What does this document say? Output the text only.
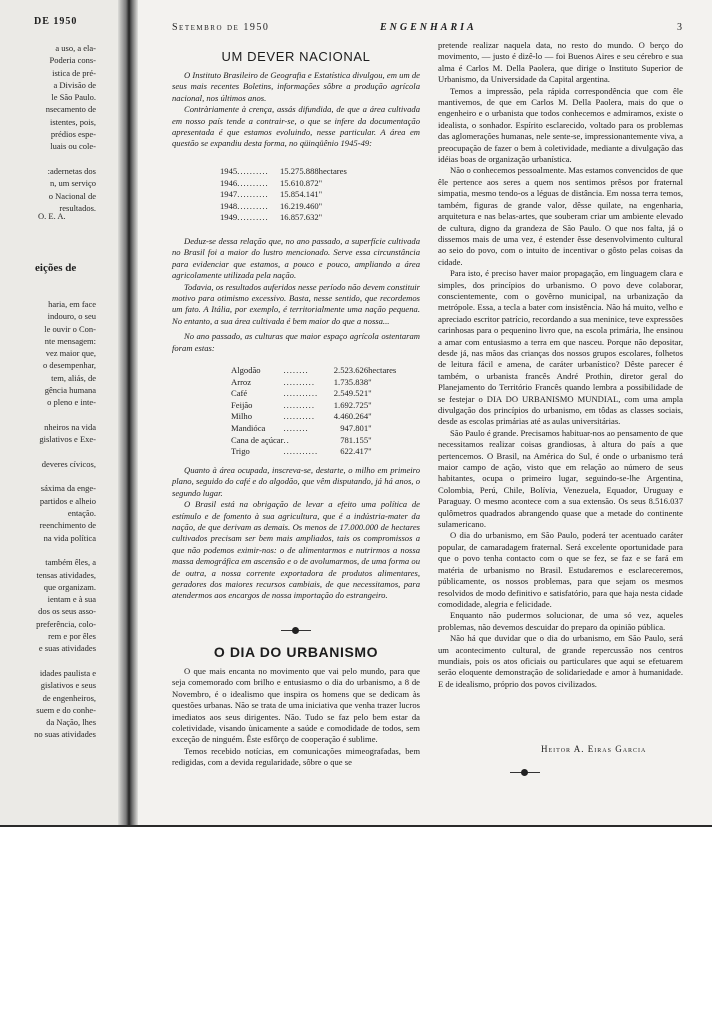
DE 1950
a uso, a ela-
Poderia cons-
istica de pré-
a Divisão de
le São Paulo.
nsecamento de
istentes, pois,
prédios espe-
luais ou cole-

:adernetas dos
n, um serviço
o Nacional de
resultados.
O. E. A.
eições de
haria, em face
indouro, o seu
le ouvir o Con-
nte mensagem:
vez maior que,
o desempenhar,
tem, aliás, de
gência humana
o pleno e inte-

nheiros na vida
gislativos e Exe-

deveres cívicos,

sáxima da enge-
partidos e alheio
entação.
reenchimento de
na vida política

também êles, a
tensas atividades,
que organizam.
ientam e à sua
dos os seus asso-
preferência, colo-
rem e por êles
e suas atividades

idades paulista e
gislativos e seus
de engenheiros,
suem e do conhe-
da Nação, lhes
no suas atividades
Setembro de 1950	ENGENHARIA	3
UM DEVER NACIONAL

O Instituto Brasileiro de Geografia e Estatística divulgou, em um de seus mais recentes Boletins, informações sôbre a produção agrícola nacional, nos últimos anos.

Contràriamente à crença, assás difundida, de que a área cultivada em nosso país tende a contrair-se, o que se infere da documentação apresentada é que estamos evoluindo, nesse particular. A área em questão se expandiu desta forma, no qüinqüênio 1945-49:

1945	..........	15.275.888	hectares
1946	..........	15.610.872	"
1947	..........	15.854.141	"
1948	..........	16.219.460	"
1949	..........	16.857.632	"

Deduz-se dessa relação que, no ano passado, a superfície cultivada no Brasil foi a maior do lustro mencionado. Serve essa circunstância para evidenciar que estamos, a pouco e pouco, ampliando a área agricolamente utilizada pela nação.

Todavia, os resultados auferidos nesse período não devem constituir motivo para otimismo excessivo. Basta, nesse sentido, que recordemos um fato. A Itália, por exemplo, é territorialmente uma nação pequena. No entanto, a sua área cultivada é bem maior do que a nossa...

No ano passado, as culturas que maior espaço agrícola ostentaram foram estas:

Algodão	........	2.523.626	hectares
Arroz	..........	1.735.838	"
Café	...........	2.549.521	"
Feijão	..........	1.692.725	"
Milho	..........	4.460.264	"
Mandióca	........	947.801	"
Cana de açúcar	..	781.155	"
Trigo	...........	622.417	"

Quanto à área ocupada, inscreva-se, destarte, o milho em primeiro plano, seguido do café e do algodão, que vêm disputando, já há anos, o segundo lugar.

O Brasil está na obrigação de levar a efeito uma política de estímulo e de fomento à sua agricultura, que é a indústria-mater da nação, de que derivam as demais. Os menos de 17.000.000 de hectares cultivados precisam ser bem mais ampliados, tais os compromissos a que não podemos eximir-nos: o de alimentarmos e nutrirmos a nossa massa demográfica em ascensão e o de avolumarmos, de uma forma ou de outra, a nossa corrente exportadora de produtos alimentares, geradores dos maiores recursos cambiais, de que necessitamos, para atendermos aos encargos de nossa importação do estrangeiro.

O DIA DO URBANISMO

O que mais encanta no movimento que vai pelo mundo, para que seja comemorado com brilho e entusiasmo o dia do urbanismo, a 8 de Novembro, é o idealismo que inspira os homens que se dedicam às questões urbanas. Não se trata de uma iniciativa que venha trazer lucros imediatos aos seus dirigentes. Não. Tudo se faz pelo bem estar da coletividade, visando ùnicamente a saúde e comodidade de todos, sem exceção de ninguém. Êste esfôrço de cooperação é sublime.

Temos recebido notícias, em comunicações mimeografadas, bem redigidas, com a devida regularidade, sôbre o que se

pretende realizar naquela data, no resto do mundo. O berço do movimento, — justo é dizê-lo — foi Buenos Aires e seu cérebro e sua alma é Carlos M. Della Paolera, que dirige o Instituto Superior de Urbanismo, da Universidade da Capital argentina.

Temos a impressão, pela rápida correspondência que com êle mantivemos, de que em Carlos M. Della Paolera, mais do que o engenheiro e o urbanista que todos conhecemos e admiramos, existe o idealista, o sonhador. Espírito esclarecido, voltado para os problemas das aglomerações humanas, nele sente-se, impressionantemente viva, a preocupação de fazer o bem à coletividade, mediante a divulgação das idéias boas de organização urbanística.

Não o conhecemos pessoalmente. Mas estamos convencidos de que êle pertence aos seres a quem nos sentimos prêsos por fraternal simpatia, mesmo tendo-os a léguas de distância. Em nossa terra temos, também, figuras de grande valor, dêsse quilate, na engenharia, arquitetura e nas belas-artes, que souberam criar um ambiente elevado de cultura, digno da grandeza de São Paulo. O que nos falta, já o dissemos mais de uma vez, é estender êsse desenvolvimento cultural ao seio do povo, com o intuito de incentivar o gôsto pelas coisas da cidade.

Para isto, é preciso haver maior propagação, em linguagem clara e simples, dos princípios do urbanismo. O povo deve colaborar, conscientemente, com o govêrno municipal, na urbanização da metrópole. Essa, a tecla a bater com insistência. Não há muito, velho e apreciado escritor patrício, recordando a sua meninice, teve expressões carinhosas para o pequenino livro que, na escola primária, lhe ensinou a amar com entusiasmo a terra em que nasceu. Porque não depositar, desde já, nas mãos das crianças dos nossos grupos escolares, folhetos de leitura fácil e amena, de caráter urbanístico? Dêste parecer é também, o urbanista francês André Prothin, diretor geral do Planejamento do Território Francês quando lembra a possibilidade de se festejar o DIA DO URBANISMO MUNDIAL, com uma ampla divulgação dos princípios do urbanismo, em tôdas as classes sociais, desde as escolas primárias até as aulas universitárias.

São Paulo é grande. Precisamos habituar-nos ao pensamento de que necessitamos realizar coisas grandiosas, à altura do país a que pertencemos. O Brasil, na América do Sul, é onde o urbanismo terá maior campo de ação, visto que em relação ao número de seus habitantes, ocupa o primeiro lugar, seguindo-se-lhe Argentina, Colombia, Perú, Chile, Bolívia, Venezuela, Equador, Uruguay e Paraguay. O mesmo acontece com a sua extensão. Os seus 8.516.037 qulômetros quadrados abrangendo quase que a metade do continente sulamericano.

O dia do urbanismo, em São Paulo, poderá ter acentuado caráter popular, de camaradagem fraternal. Será excelente oportunidade para que o povo tenha contacto com o que se fez, se faz e se fará em matéria de urbanismo no Brasil. Estudaremos e esclareceremos, públicamente, os nossos problemas, para que sejam os mesmos resolvidos de modo definitivo e satisfatório, para que haja nesta cidade comodidade, alegria e felicidade.

Enquanto não pudermos solucionar, de uma só vez, aqueles problemas, não devemos descuidar do preparo da opinião pública.

Não há que duvidar que o dia do urbanismo, em São Paulo, será um acontecimento cultural, de grande repercussão nos centros mundiais, pois os atos oficiais ou particulares que aqui se efetuarem serão eloquente demonstração de solidariedade e amor à humanidade. E de idealismo, próprio dos povos civilizados.

Heitor A. Eiras Garcia
